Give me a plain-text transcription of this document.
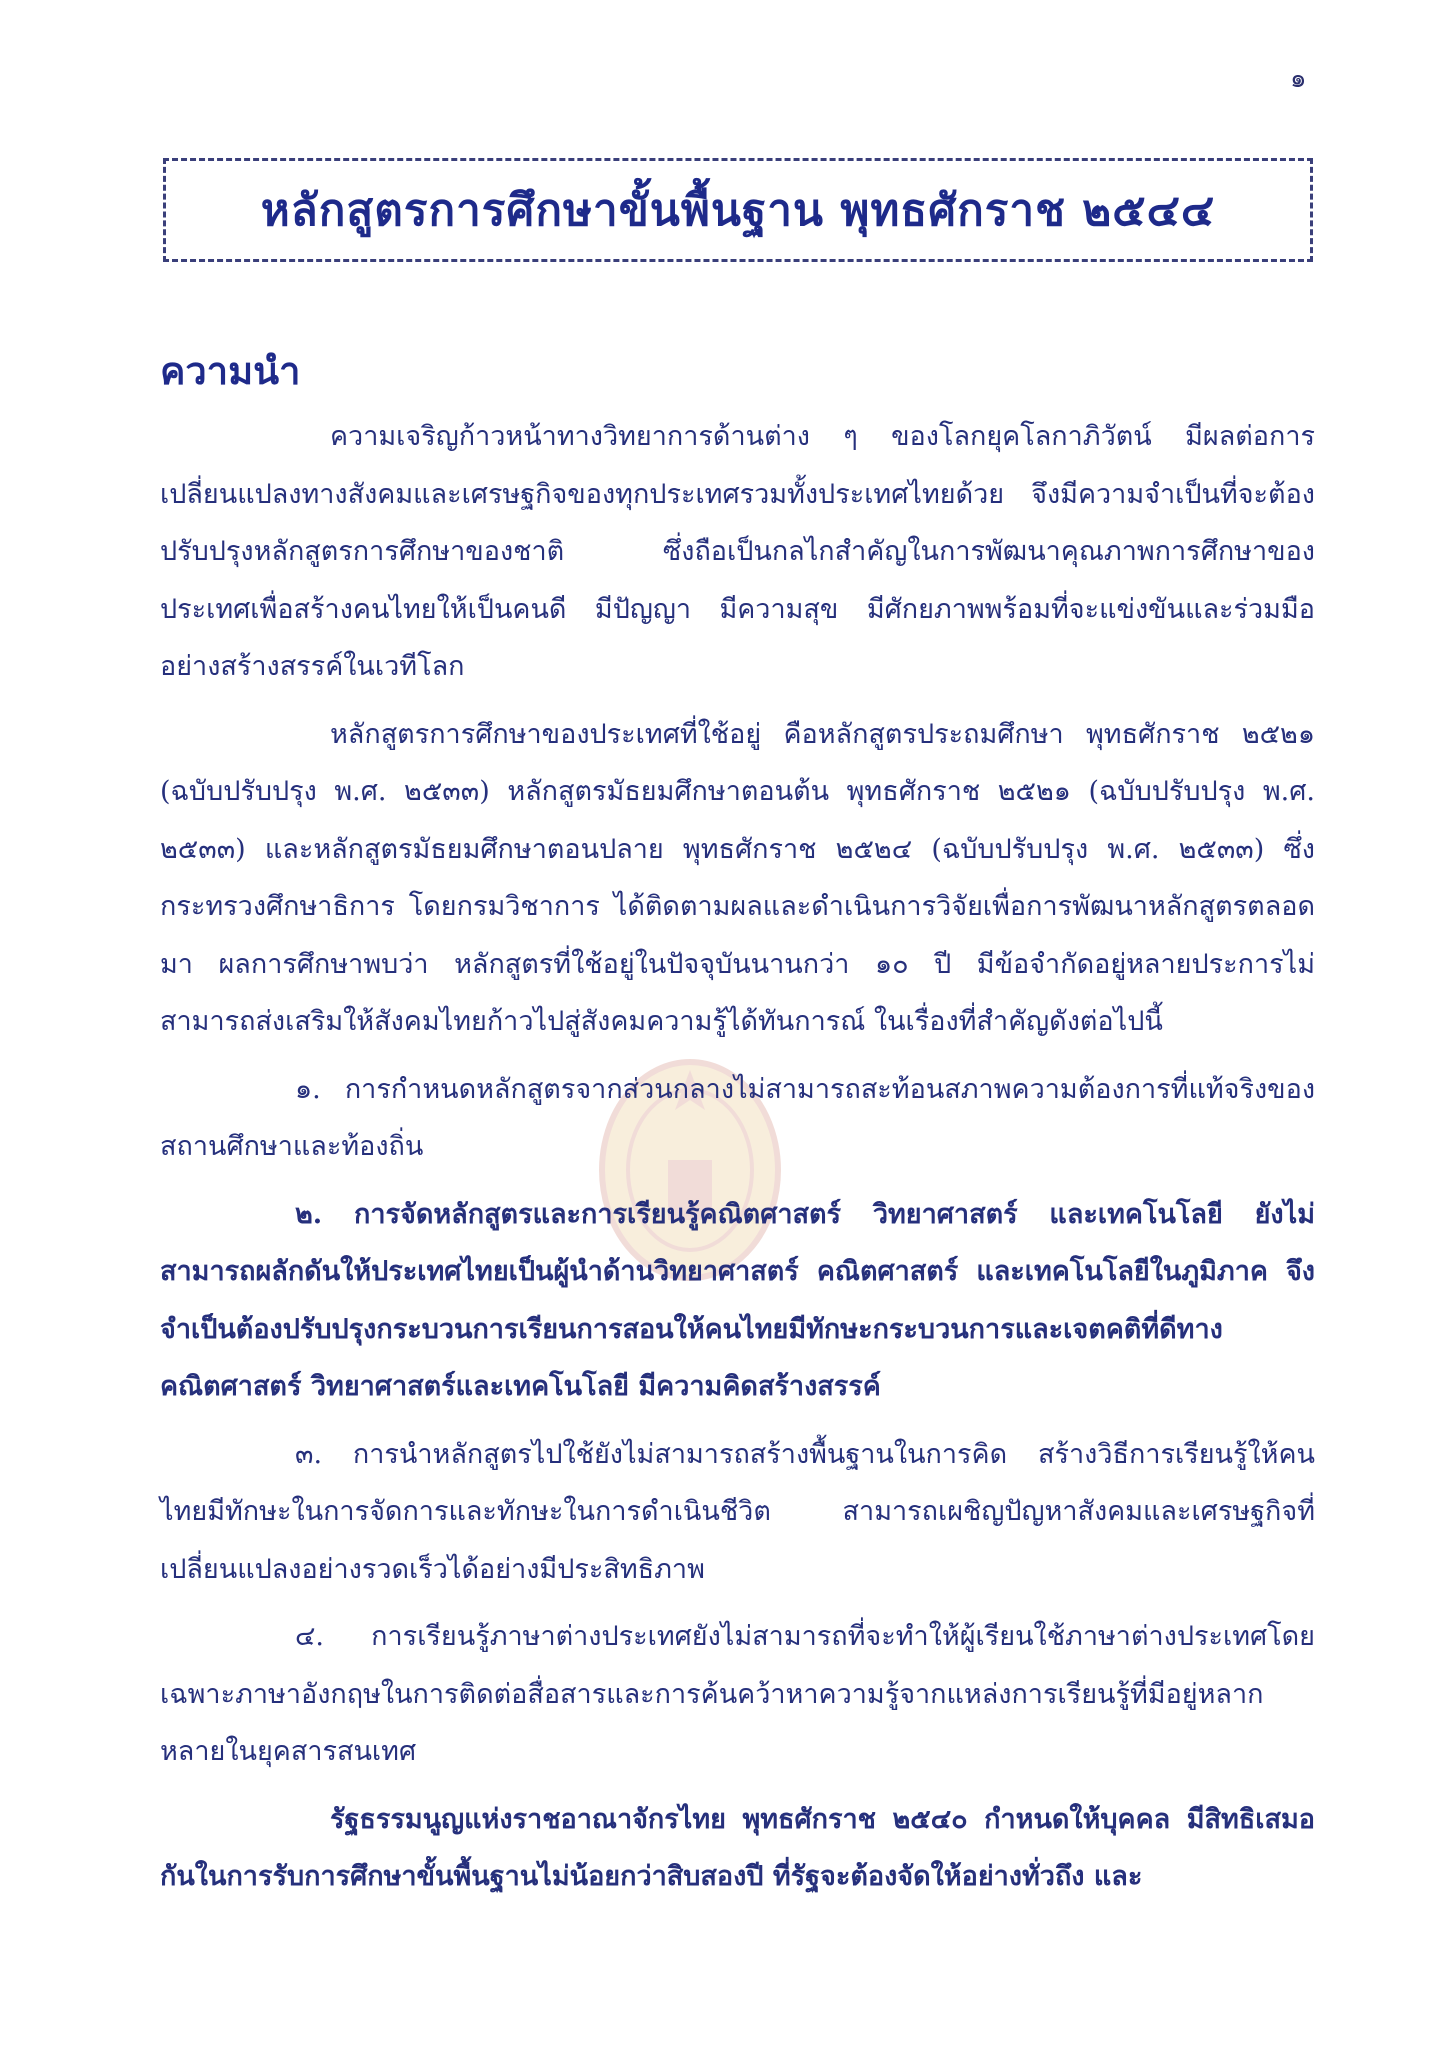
๑
หลักสูตรการศึกษาขั้นพื้นฐาน พุทธศักราช ๒๕๔๔
ความนำ

ความเจริญก้าวหน้าทางวิทยาการด้านต่าง ๆ ของโลกยุคโลกาภิวัตน์ มีผลต่อการเปลี่ยนแปลงทางสังคมและเศรษฐกิจของทุกประเทศรวมทั้งประเทศไทยด้วย จึงมีความจำเป็นที่จะต้องปรับปรุงหลักสูตรการศึกษาของชาติ ซึ่งถือเป็นกลไกสำคัญในการพัฒนาคุณภาพการศึกษาของประเทศเพื่อสร้างคนไทยให้เป็นคนดี มีปัญญา มีความสุข มีศักยภาพพร้อมที่จะแข่งขันและร่วมมืออย่างสร้างสรรค์ในเวทีโลก

หลักสูตรการศึกษาของประเทศที่ใช้อยู่ คือหลักสูตรประถมศึกษา พุทธศักราช ๒๕๒๑ (ฉบับปรับปรุง พ.ศ. ๒๕๓๓) หลักสูตรมัธยมศึกษาตอนต้น พุทธศักราช ๒๕๒๑ (ฉบับปรับปรุง พ.ศ. ๒๕๓๓) และหลักสูตรมัธยมศึกษาตอนปลาย พุทธศักราช ๒๕๒๔ (ฉบับปรับปรุง พ.ศ. ๒๕๓๓) ซึ่งกระทรวงศึกษาธิการ โดยกรมวิชาการ ได้ติดตามผลและดำเนินการวิจัยเพื่อการพัฒนาหลักสูตรตลอดมา ผลการศึกษาพบว่า หลักสูตรที่ใช้อยู่ในปัจจุบันนานกว่า ๑๐ ปี มีข้อจำกัดอยู่หลายประการไม่สามารถส่งเสริมให้สังคมไทยก้าวไปสู่สังคมความรู้ได้ทันการณ์ ในเรื่องที่สำคัญดังต่อไปนี้

๑. การกำหนดหลักสูตรจากส่วนกลางไม่สามารถสะท้อนสภาพความต้องการที่แท้จริงของสถานศึกษาและท้องถิ่น

๒. การจัดหลักสูตรและการเรียนรู้คณิตศาสตร์ วิทยาศาสตร์ และเทคโนโลยี ยังไม่สามารถผลักดันให้ประเทศไทยเป็นผู้นำด้านวิทยาศาสตร์ คณิตศาสตร์ และเทคโนโลยีในภูมิภาค จึงจำเป็นต้องปรับปรุงกระบวนการเรียนการสอนให้คนไทยมีทักษะกระบวนการและเจตคติที่ดีทางคณิตศาสตร์ วิทยาศาสตร์และเทคโนโลยี มีความคิดสร้างสรรค์

๓. การนำหลักสูตรไปใช้ยังไม่สามารถสร้างพื้นฐานในการคิด สร้างวิธีการเรียนรู้ให้คนไทยมีทักษะในการจัดการและทักษะในการดำเนินชีวิต สามารถเผชิญปัญหาสังคมและเศรษฐกิจที่เปลี่ยนแปลงอย่างรวดเร็วได้อย่างมีประสิทธิภาพ

๔. การเรียนรู้ภาษาต่างประเทศยังไม่สามารถที่จะทำให้ผู้เรียนใช้ภาษาต่างประเทศโดยเฉพาะภาษาอังกฤษในการติดต่อสื่อสารและการค้นคว้าหาความรู้จากแหล่งการเรียนรู้ที่มีอยู่หลากหลายในยุคสารสนเทศ

รัฐธรรมนูญแห่งราชอาณาจักรไทย พุทธศักราช ๒๕๔๐ กำหนดให้บุคคล มีสิทธิเสมอกันในการรับการศึกษาขั้นพื้นฐานไม่น้อยกว่าสิบสองปี ที่รัฐจะต้องจัดให้อย่างทั่วถึง และ
